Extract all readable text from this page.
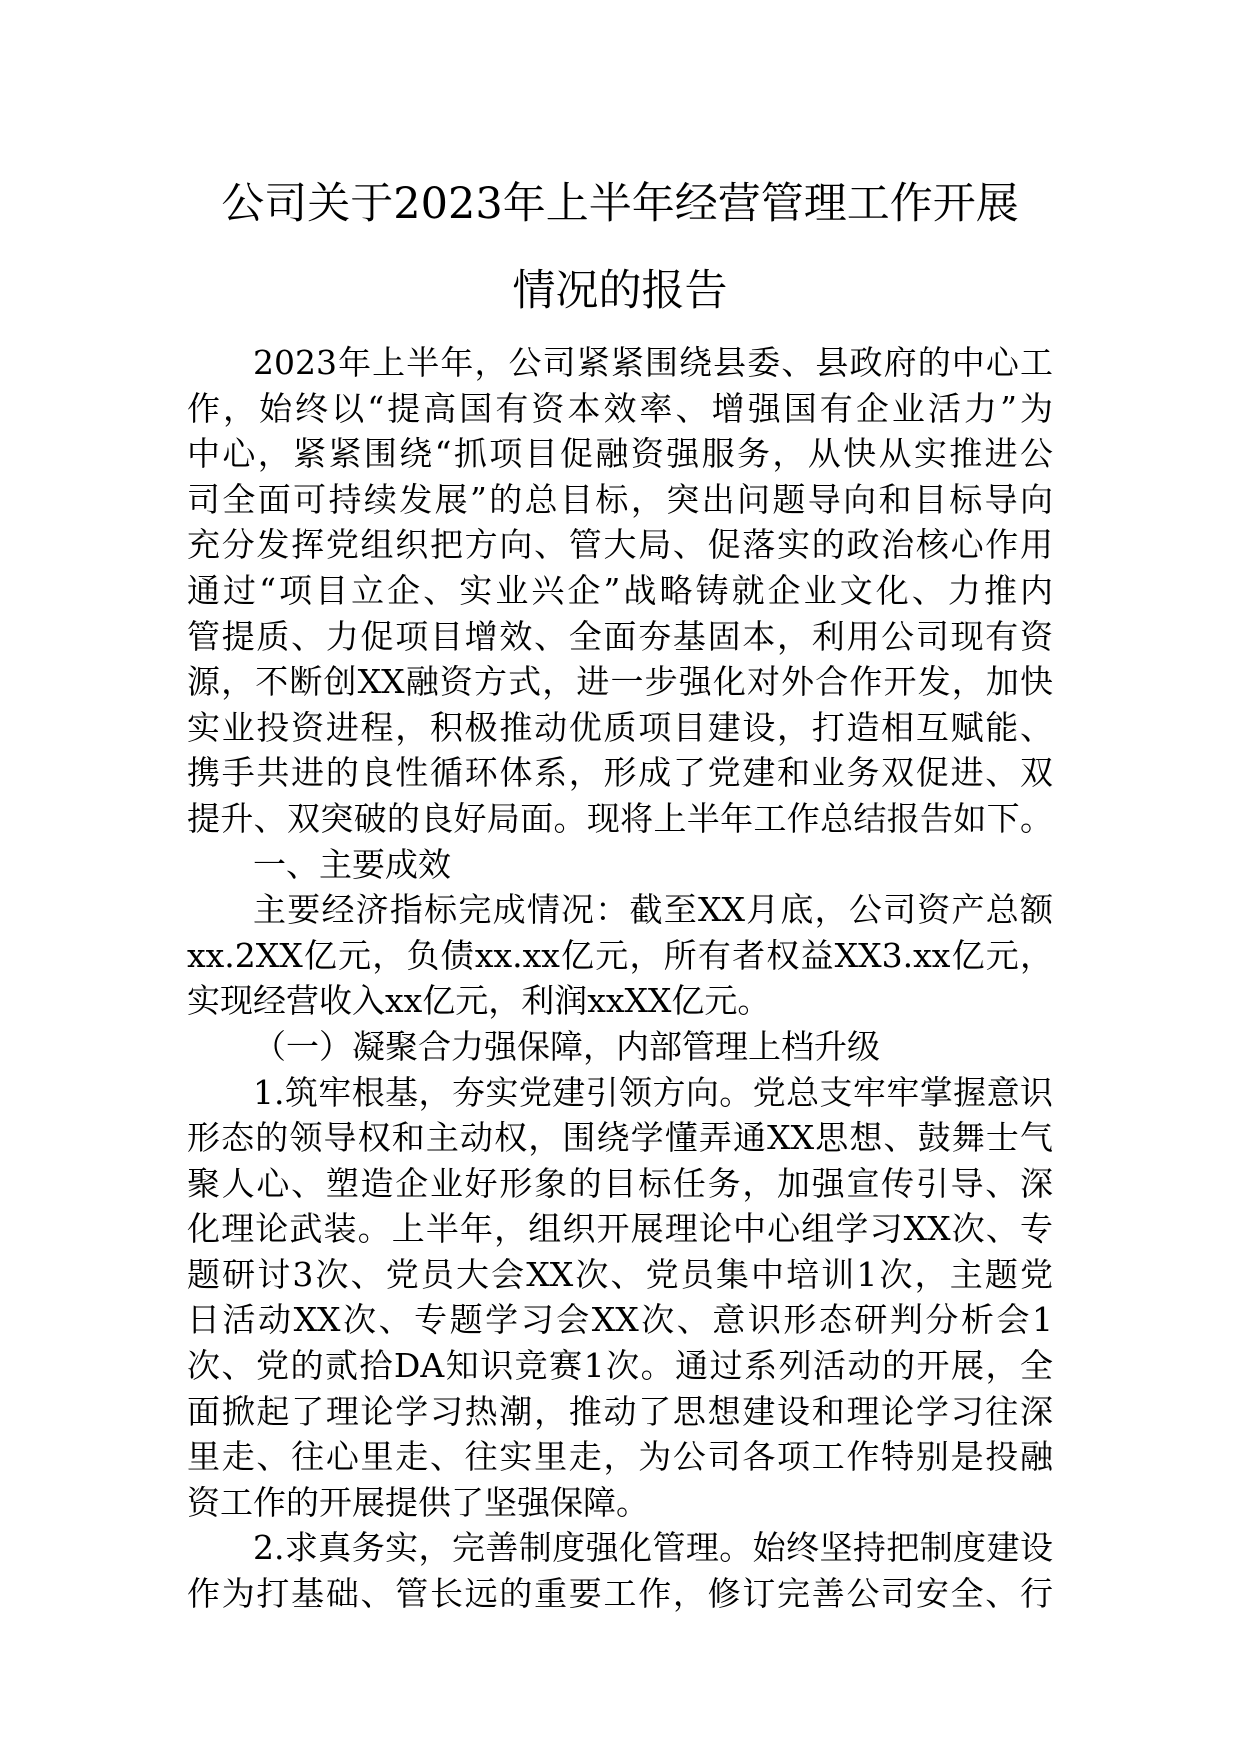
公司关于2023年上半年经营管理工作开展
情况的报告
2023年上半年，公司紧紧围绕县委、县政府的中心工
作，始终以“提高国有资本效率、增强国有企业活力”为
中心，紧紧围绕“抓项目促融资强服务，从快从实推进公
司全面可持续发展”的总目标，突出问题导向和目标导向
充分发挥党组织把方向、管大局、促落实的政治核心作用
通过“项目立企、实业兴企”战略铸就企业文化、力推内
管提质、力促项目增效、全面夯基固本，利用公司现有资
源，不断创XX融资方式，进一步强化对外合作开发，加快
实业投资进程，积极推动优质项目建设，打造相互赋能、
携手共进的良性循环体系，形成了党建和业务双促进、双
提升、双突破的良好局面。现将上半年工作总结报告如下。
一、主要成效
主要经济指标完成情况：截至XX月底，公司资产总额
xx.2XX亿元，负债xx.xx亿元，所有者权益XX3.xx亿元，
实现经营收入xx亿元，利润xxXX亿元。
（一）凝聚合力强保障，内部管理上档升级
1.筑牢根基，夯实党建引领方向。党总支牢牢掌握意识
形态的领导权和主动权，围绕学懂弄通XX思想、鼓舞士气
聚人心、塑造企业好形象的目标任务，加强宣传引导、深
化理论武装。上半年，组织开展理论中心组学习XX次、专
题研讨3次、党员大会XX次、党员集中培训1次，主题党
日活动XX次、专题学习会XX次、意识形态研判分析会1
次、党的贰拾DA知识竞赛1次。通过系列活动的开展，全
面掀起了理论学习热潮，推动了思想建设和理论学习往深
里走、往心里走、往实里走，为公司各项工作特别是投融
资工作的开展提供了坚强保障。
2.求真务实，完善制度强化管理。始终坚持把制度建设
作为打基础、管长远的重要工作，修订完善公司安全、行
